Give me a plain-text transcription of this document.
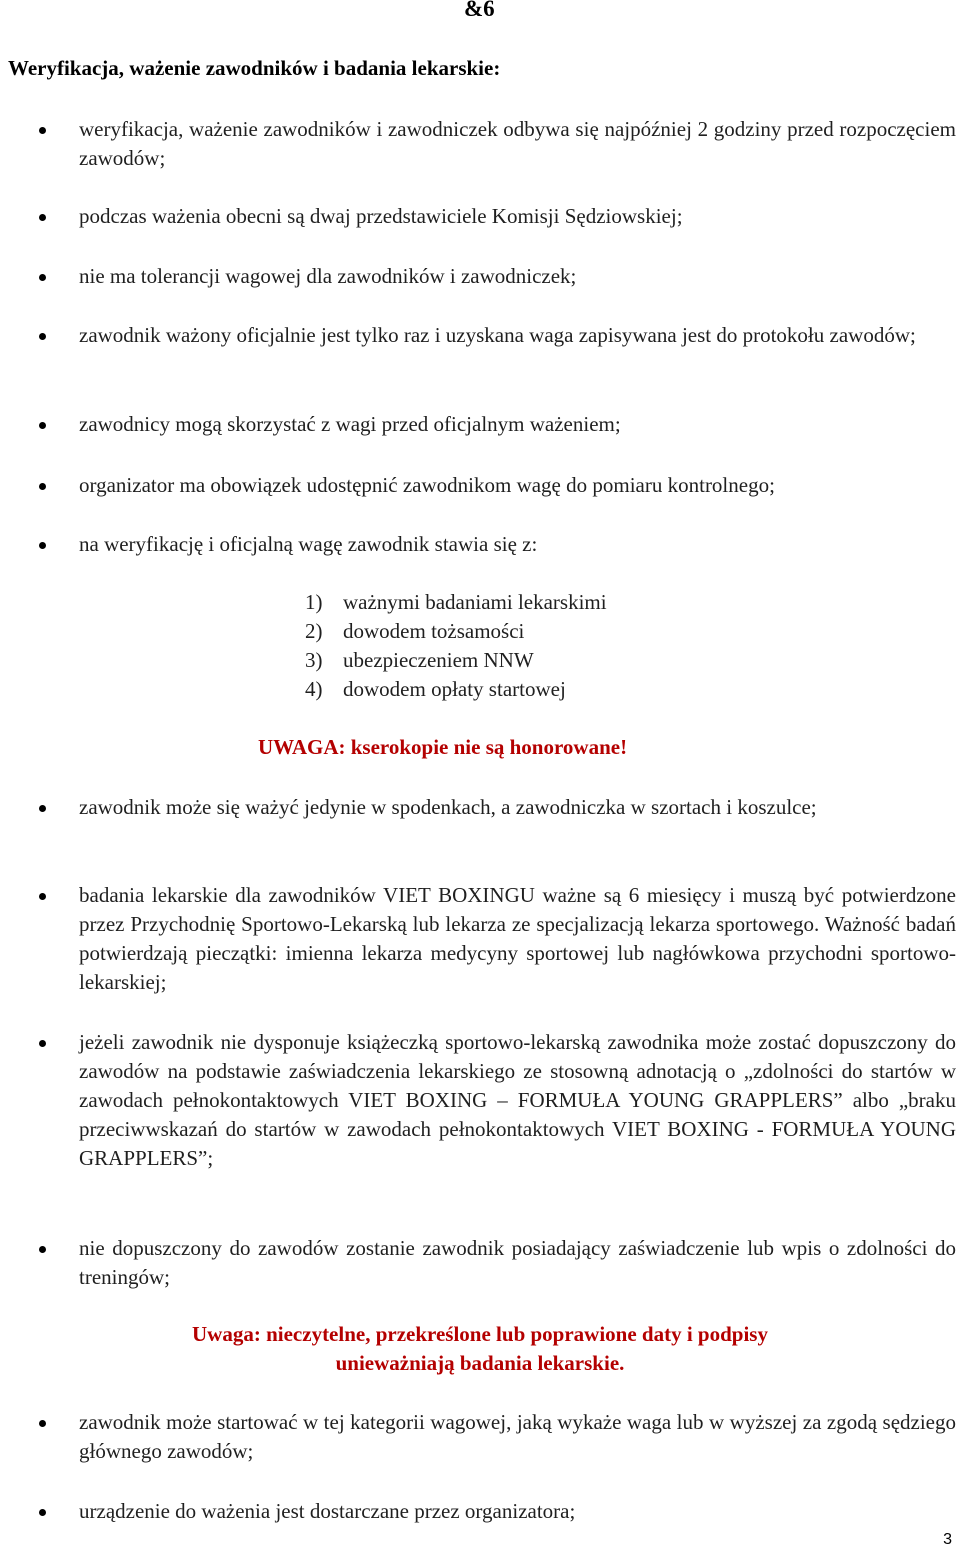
&6
Weryfikacja, ważenie zawodników i badania lekarskie:
weryfikacja, ważenie zawodników i zawodniczek odbywa się najpóźniej 2 godziny przed rozpoczęciem zawodów;
podczas ważenia obecni są dwaj przedstawiciele Komisji Sędziowskiej;
nie ma tolerancji wagowej dla zawodników i zawodniczek;
zawodnik ważony oficjalnie jest tylko raz i uzyskana waga zapisywana jest do protokołu zawodów;
zawodnicy mogą skorzystać z wagi przed oficjalnym ważeniem;
organizator ma obowiązek udostępnić zawodnikom wagę do pomiaru kontrolnego;
na weryfikację i oficjalną wagę zawodnik stawia się z:
1) ważnymi badaniami lekarskimi
2) dowodem tożsamości
3) ubezpieczeniem NNW
4) dowodem opłaty startowej
UWAGA: kserokopie nie są honorowane!
zawodnik może się ważyć jedynie w spodenkach, a zawodniczka w szortach i koszulce;
badania lekarskie dla zawodników VIET BOXINGU ważne są 6 miesięcy i muszą być potwierdzone przez Przychodnię Sportowo-Lekarską lub lekarza ze specjalizacją lekarza sportowego. Ważność badań potwierdzają pieczątki: imienna lekarza medycyny sportowej lub nagłówkowa przychodni sportowo-lekarskiej;
jeżeli zawodnik nie dysponuje książeczką sportowo-lekarską zawodnika może zostać dopuszczony do zawodów na podstawie zaświadczenia lekarskiego ze stosowną adnotacją o „zdolności do startów w zawodach pełnokontaktowych VIET BOXING – FORMUŁA YOUNG GRAPPLERS” albo „braku przeciwwskazań do startów w zawodach pełnokontaktowych VIET BOXING - FORMUŁA YOUNG GRAPPLERS”;
nie dopuszczony do zawodów zostanie zawodnik posiadający zaświadczenie lub wpis o zdolności do treningów;
Uwaga: nieczytelne, przekreślone lub poprawione daty i podpisy
unieważniają badania lekarskie.
zawodnik może startować w tej kategorii wagowej, jaką wykaże waga lub w wyższej za zgodą sędziego głównego zawodów;
urządzenie do ważenia jest dostarczane przez organizatora;
3
